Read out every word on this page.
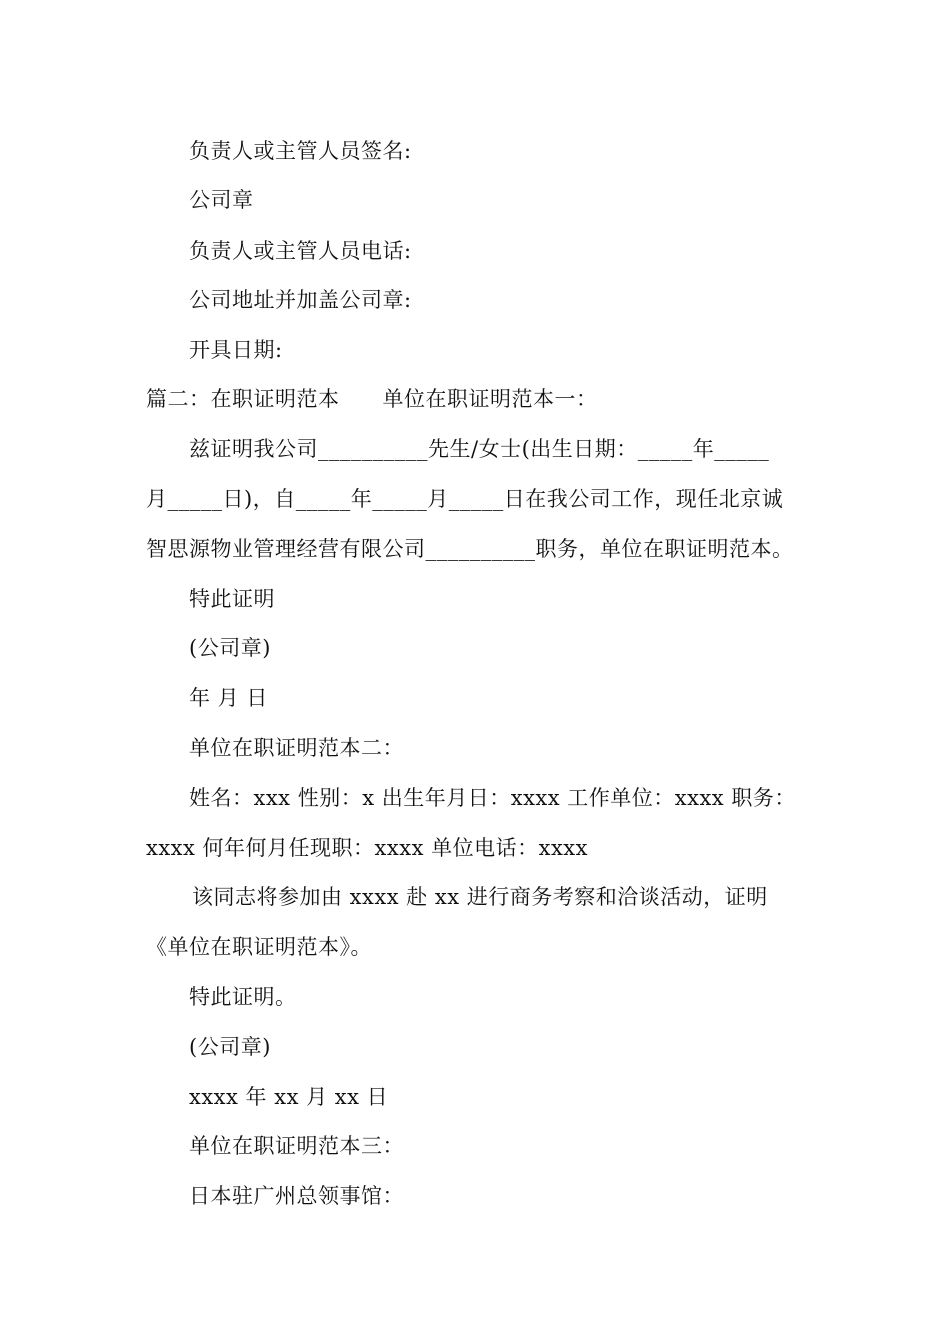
负责人或主管人员签名:
公司章
负责人或主管人员电话:
公司地址并加盖公司章:
开具日期:
篇二：在职证明范本　　单位在职证明范本一：
兹证明我公司__________先生/女士(出生日期：_____年_____
月_____日)，自_____年_____月_____日在我公司工作，现任北京诚
智思源物业管理经营有限公司__________职务，单位在职证明范本。
特此证明
(公司章)
年 月 日
单位在职证明范本二：
姓名：xxx 性别：x 出生年月日：xxxx 工作单位：xxxx 职务：
xxxx 何年何月任现职：xxxx 单位电话：xxxx
该同志将参加由 xxxx 赴 xx 进行商务考察和洽谈活动，证明
《单位在职证明范本》。
特此证明。
(公司章)
xxxx 年 xx 月 xx 日
单位在职证明范本三：
日本驻广州总领事馆：
